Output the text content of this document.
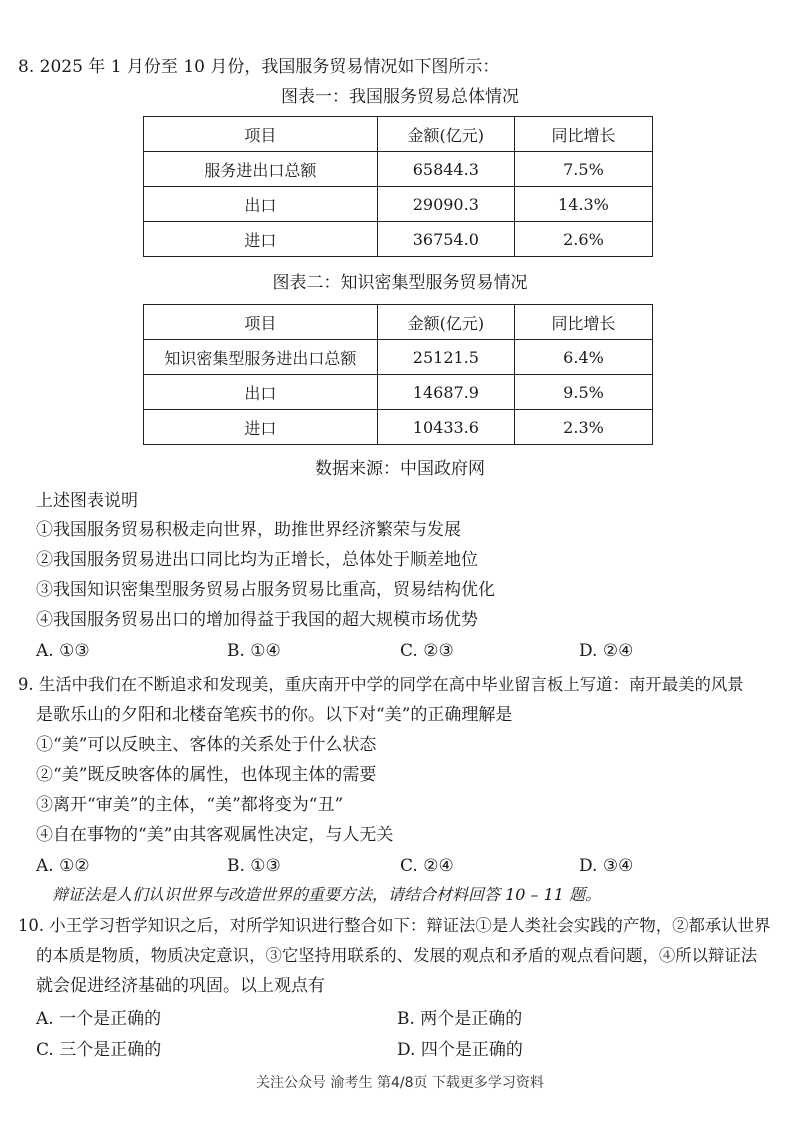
8. 2025 年 1 月份至 10 月份，我国服务贸易情况如下图所示：
图表一：我国服务贸易总体情况
项目	金额(亿元)	同比增长
服务进出口总额	65844.3	7.5%
出口	29090.3	14.3%
进口	36754.0	2.6%
图表二：知识密集型服务贸易情况
项目	金额(亿元)	同比增长
知识密集型服务进出口总额	25121.5	6.4%
出口	14687.9	9.5%
进口	10433.6	2.3%
数据来源：中国政府网
上述图表说明
①我国服务贸易积极走向世界，助推世界经济繁荣与发展
②我国服务贸易进出口同比均为正增长，总体处于顺差地位
③我国知识密集型服务贸易占服务贸易比重高，贸易结构优化
④我国服务贸易出口的增加得益于我国的超大规模市场优势
A. ①③	B. ①④	C. ②③	D. ②④
9. 生活中我们在不断追求和发现美，重庆南开中学的同学在高中毕业留言板上写道：南开最美的风景
是歌乐山的夕阳和北楼奋笔疾书的你。以下对“美”的正确理解是
①“美”可以反映主、客体的关系处于什么状态
②“美”既反映客体的属性，也体现主体的需要
③离开“审美”的主体，“美”都将变为“丑”
④自在事物的“美”由其客观属性决定，与人无关
A. ①②	B. ①③	C. ②④	D. ③④
辩证法是人们认识世界与改造世界的重要方法，请结合材料回答 10 – 11 题。
10. 小王学习哲学知识之后，对所学知识进行整合如下：辩证法①是人类社会实践的产物，②都承认世界
的本质是物质，物质决定意识，③它坚持用联系的、发展的观点和矛盾的观点看问题，④所以辩证法
就会促进经济基础的巩固。以上观点有
A. 一个是正确的	B. 两个是正确的
C. 三个是正确的	D. 四个是正确的
关注公众号 渝考生 第4/8页 下载更多学习资料
